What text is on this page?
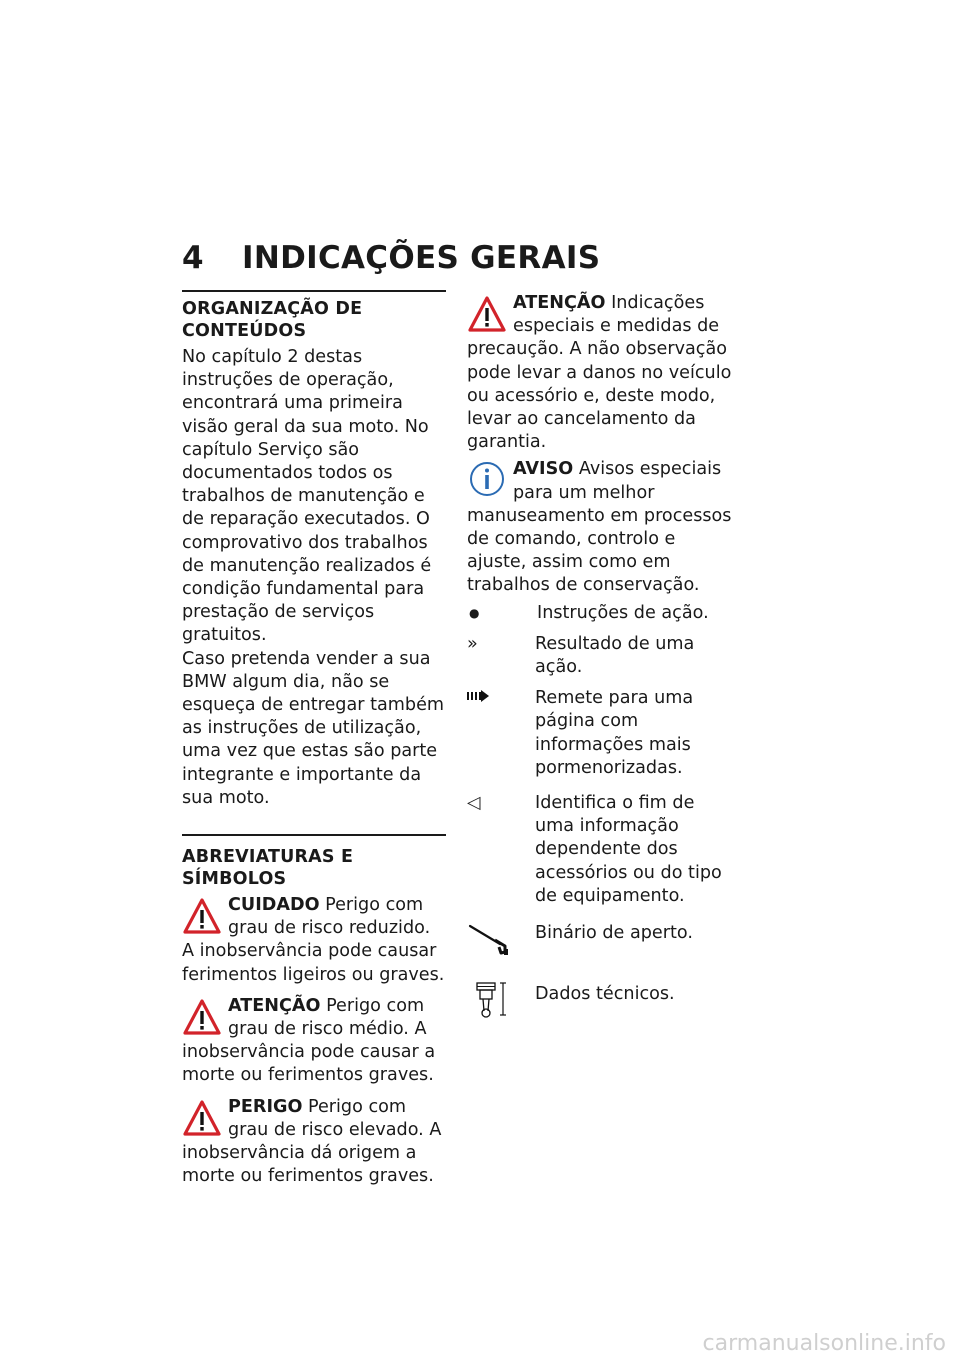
4 INDICAÇÕES GERAIS
ORGANIZAÇÃO DE CONTEÚDOS

No capítulo 2 destas instruções de operação, encontrará uma primeira visão geral da sua moto. No capítulo Serviço são documentados todos os trabalhos de manutenção e de reparação executados. O comprovativo dos trabalhos de manutenção realizados é condição fundamental para prestação de serviços gratuitos.

Caso pretenda vender a sua BMW algum dia, não se esqueça de entregar também as instruções de utilização, uma vez que estas são parte integrante e importante da sua moto.

ABREVIATURAS E SÍMBOLOS

CUIDADO Perigo com grau de risco reduzido. A inobservância pode causar ferimentos ligeiros ou graves.

ATENÇÃO Perigo com grau de risco médio. A inobservância pode causar a morte ou ferimentos graves.

PERIGO Perigo com grau de risco elevado. A inobservância dá origem a morte ou ferimentos graves.

ATENÇÃO Indicações especiais e medidas de precaução. A não observação pode levar a danos no veículo ou acessório e, deste modo, levar ao cancelamento da garantia.

AVISO Avisos especiais para um melhor manuseamento em processos de comando, controlo e ajuste, assim como em trabalhos de conservação.

●	Instruções de ação.
»	Resultado de uma ação.
Remete para uma página com informações mais pormenorizadas.
◁	Identifica o fim de uma informação dependente dos acessórios ou do tipo de equipamento.
Binário de aperto.
Dados técnicos.
carmanualsonline.info
